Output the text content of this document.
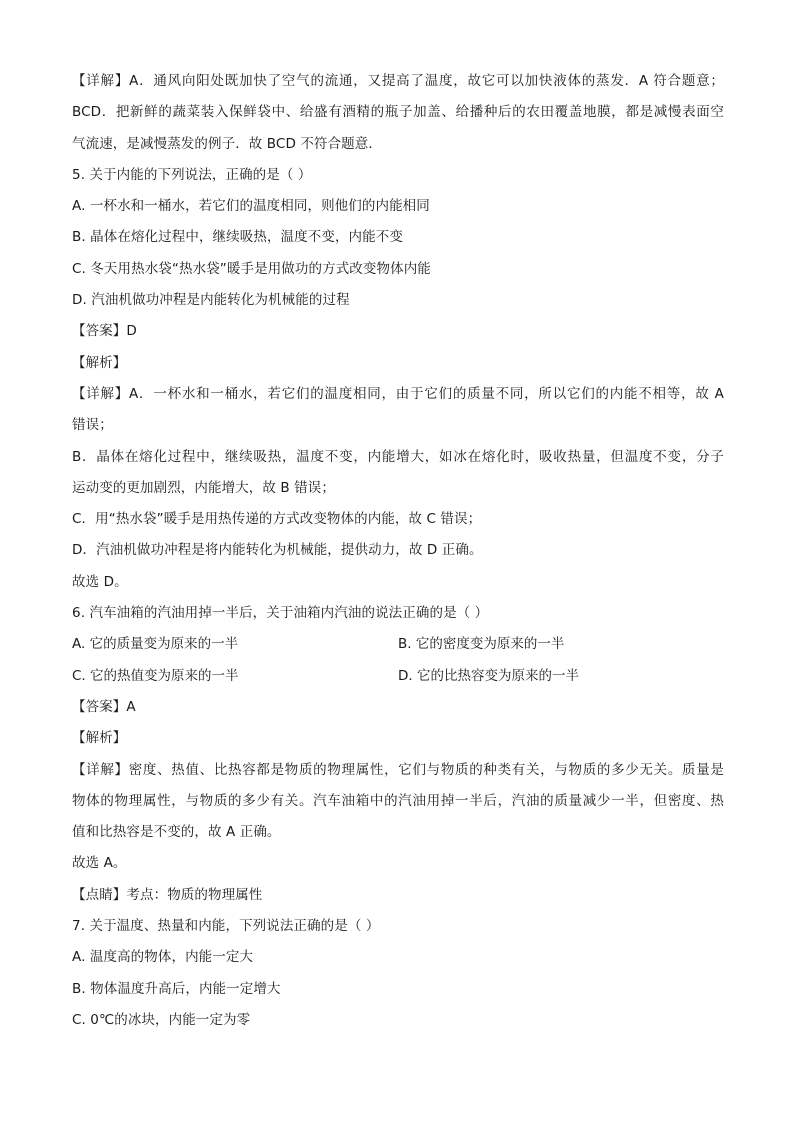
【详解】A．通风向阳处既加快了空气的流通，又提高了温度，故它可以加快液体的蒸发．A 符合题意；
BCD．把新鲜的蔬菜装入保鲜袋中、给盛有酒精的瓶子加盖、给播种后的农田覆盖地膜，都是减慢表面空
气流速，是减慢蒸发的例子．故 BCD 不符合题意．
5. 关于内能的下列说法，正确的是（ ）
A. 一杯水和一桶水，若它们的温度相同，则他们的内能相同
B. 晶体在熔化过程中，继续吸热，温度不变，内能不变
C. 冬天用热水袋“热水袋”暖手是用做功的方式改变物体内能
D. 汽油机做功冲程是内能转化为机械能的过程
【答案】D
【解析】
【详解】A．一杯水和一桶水，若它们的温度相同，由于它们的质量不同，所以它们的内能不相等，故 A
错误；
B．晶体在熔化过程中，继续吸热，温度不变，内能增大，如冰在熔化时，吸收热量，但温度不变，分子
运动变的更加剧烈，内能增大，故 B 错误；
C．用“热水袋”暖手是用热传递的方式改变物体的内能，故 C 错误；
D．汽油机做功冲程是将内能转化为机械能，提供动力，故 D 正确。
故选 D。
6. 汽车油箱的汽油用掉一半后，关于油箱内汽油的说法正确的是（ ）
A. 它的质量变为原来的一半	B. 它的密度变为原来的一半
C. 它的热值变为原来的一半	D. 它的比热容变为原来的一半
【答案】A
【解析】
【详解】密度、热值、比热容都是物质的物理属性，它们与物质的种类有关，与物质的多少无关。质量是
物体的物理属性，与物质的多少有关。汽车油箱中的汽油用掉一半后，汽油的质量减少一半，但密度、热
值和比热容是不变的，故 A 正确。
故选 A。
【点睛】考点：物质的物理属性
7. 关于温度、热量和内能，下列说法正确的是（ ）
A. 温度高的物体，内能一定大
B. 物体温度升高后，内能一定增大
C. 0℃的冰块，内能一定为零
